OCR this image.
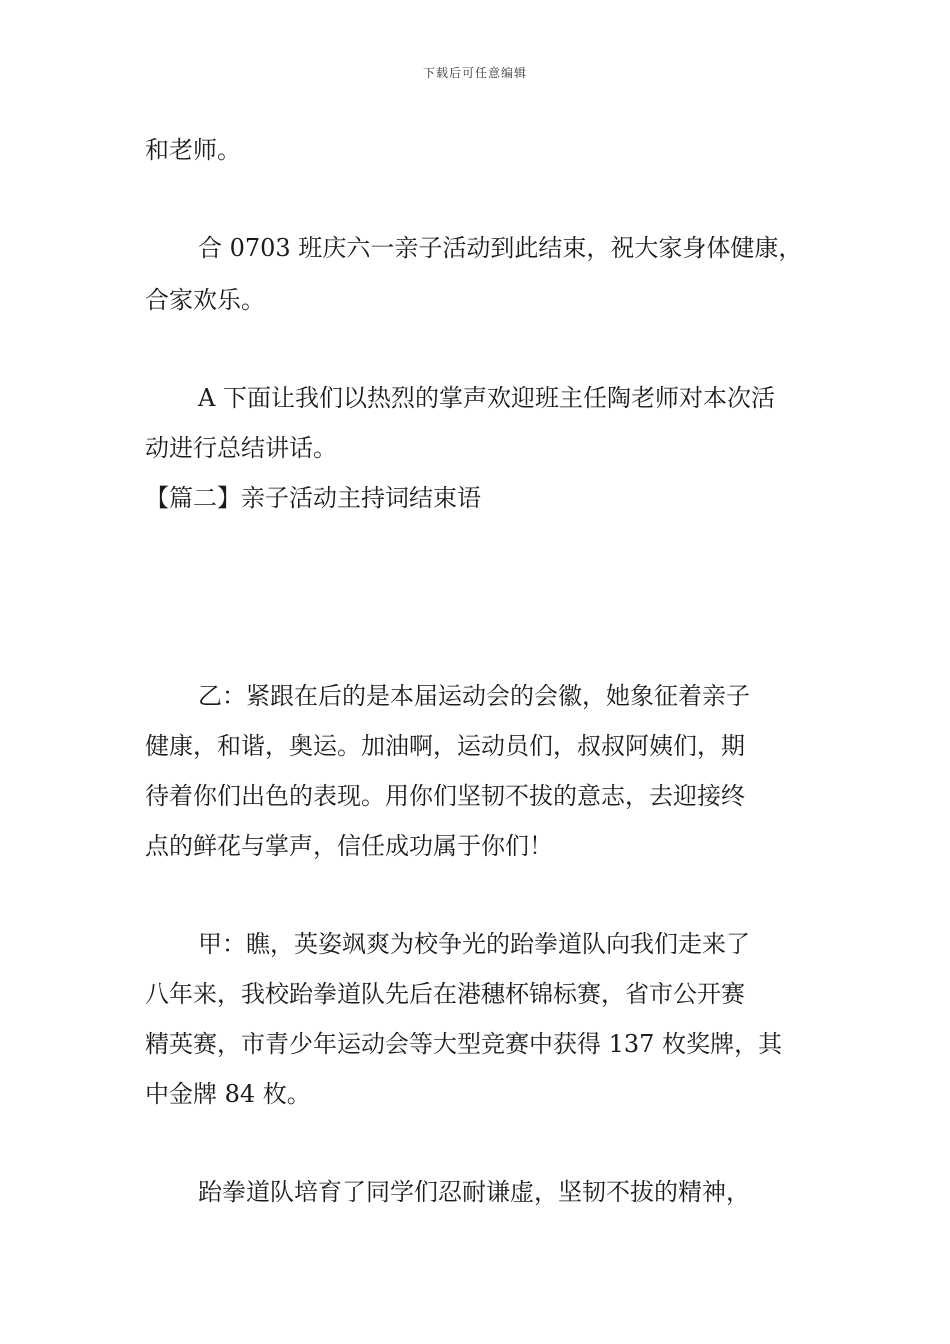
下载后可任意编辑
和老师。
合 0703 班庆六一亲子活动到此结束，祝大家身体健康，
合家欢乐。
A 下面让我们以热烈的掌声欢迎班主任陶老师对本次活
动进行总结讲话。
【篇二】亲子活动主持词结束语
乙：紧跟在后的是本届运动会的会徽，她象征着亲子
健康，和谐，奥运。加油啊，运动员们，叔叔阿姨们，期
待着你们出色的表现。用你们坚韧不拔的意志，去迎接终
点的鲜花与掌声，信任成功属于你们！
甲：瞧，英姿飒爽为校争光的跆拳道队向我们走来了
八年来，我校跆拳道队先后在港穗杯锦标赛，省市公开赛
精英赛，市青少年运动会等大型竞赛中获得 137 枚奖牌，其
中金牌 84 枚。
跆拳道队培育了同学们忍耐谦虚，坚韧不拔的精神，
